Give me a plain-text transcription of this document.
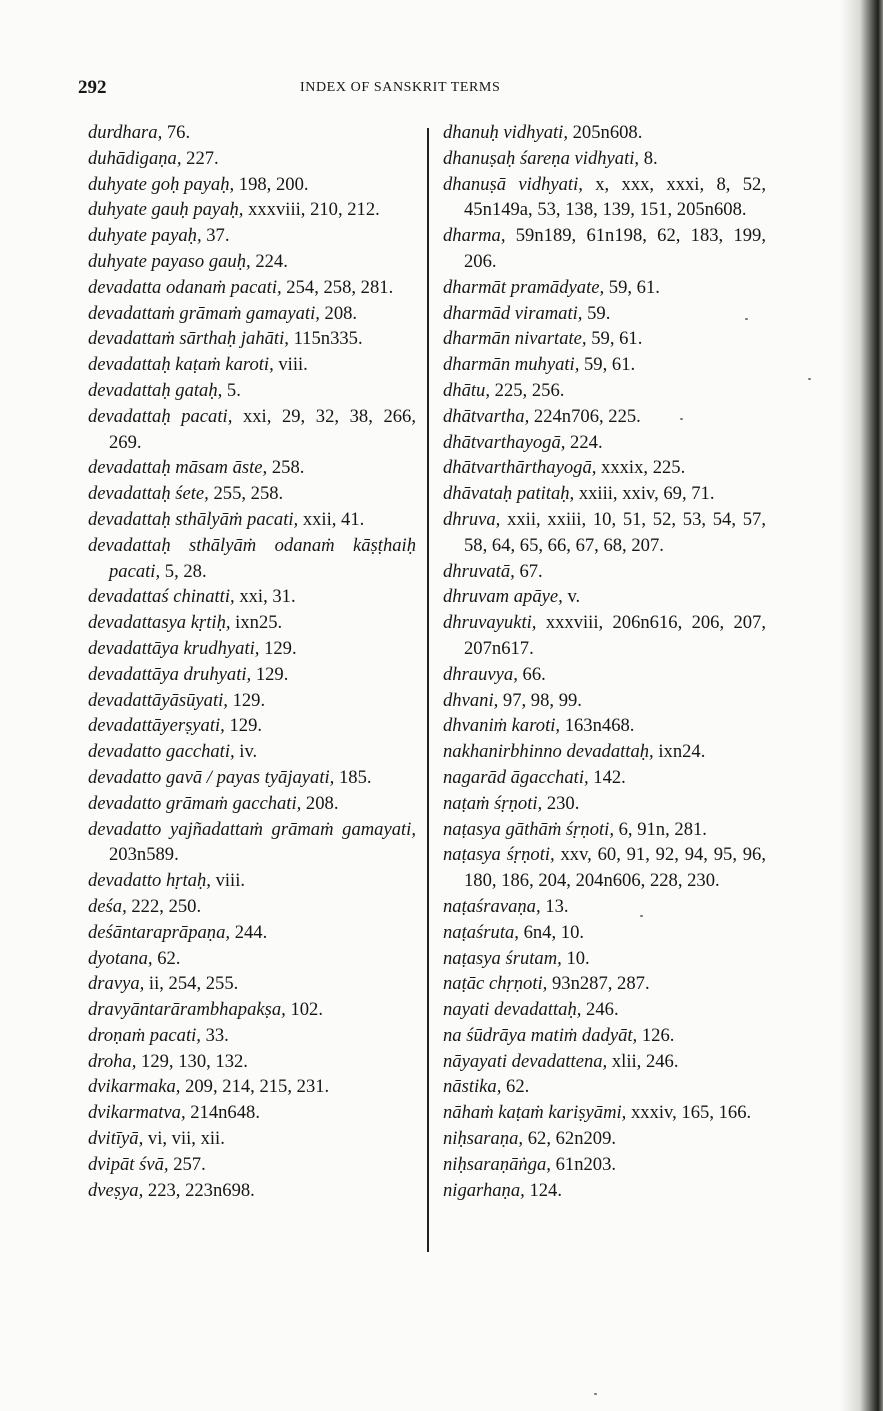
292	INDEX OF SANSKRIT TERMS
durdhara, 76.
duhādigaṇa, 227.
duhyate goḥ payaḥ, 198, 200.
duhyate gauḥ payaḥ, xxxviii, 210, 212.
duhyate payaḥ, 37.
duhyate payaso gauḥ, 224.
devadatta odanaṁ pacati, 254, 258, 281.
devadattaṁ grāmaṁ gamayati, 208.
devadattaṁ sārthaḥ jahāti, 115n335.
devadattaḥ kaṭaṁ karoti, viii.
devadattaḥ gataḥ, 5.
devadattaḥ pacati, xxi, 29, 32, 38, 266, 269.
devadattaḥ māsam āste, 258.
devadattaḥ śete, 255, 258.
devadattaḥ sthālyāṁ pacati, xxii, 41.
devadattaḥ sthālyāṁ odanaṁ kāṣṭhaiḥ pacati, 5, 28.
devadattaś chinatti, xxi, 31.
devadattasya kṛtiḥ, ixn25.
devadattāya krudhyati, 129.
devadattāya druhyati, 129.
devadattāyāsūyati, 129.
devadattāyerṣyati, 129.
devadatto gacchati, iv.
devadatto gavā / payas tyājayati, 185.
devadatto grāmaṁ gacchati, 208.
devadatto yajñadattaṁ grāmaṁ gamayati, 203n589.
devadatto hṛtaḥ, viii.
deśa, 222, 250.
deśāntaraprāpaṇa, 244.
dyotana, 62.
dravya, ii, 254, 255.
dravyāntarārambhapakṣa, 102.
droṇaṁ pacati, 33.
droha, 129, 130, 132.
dvikarmaka, 209, 214, 215, 231.
dvikarmatva, 214n648.
dvitīyā, vi, vii, xii.
dvipāt śvā, 257.
dveṣya, 223, 223n698.
dhanuḥ vidhyati, 205n608.
dhanuṣaḥ śareṇa vidhyati, 8.
dhanuṣā vidhyati, x, xxx, xxxi, 8, 52, 45n149a, 53, 138, 139, 151, 205n608.
dharma, 59n189, 61n198, 62, 183, 199, 206.
dharmāt pramādyate, 59, 61.
dharmād viramati, 59.
dharmān nivartate, 59, 61.
dharmān muhyati, 59, 61.
dhātu, 225, 256.
dhātvartha, 224n706, 225.
dhātvarthayogā, 224.
dhātvarthārthayogā, xxxix, 225.
dhāvataḥ patitaḥ, xxiii, xxiv, 69, 71.
dhruva, xxii, xxiii, 10, 51, 52, 53, 54, 57, 58, 64, 65, 66, 67, 68, 207.
dhruvatā, 67.
dhruvam apāye, v.
dhruvayukti, xxxviii, 206n616, 206, 207, 207n617.
dhrauvya, 66.
dhvani, 97, 98, 99.
dhvaniṁ karoti, 163n468.
nakhanirbhinno devadattaḥ, ixn24.
nagarād āgacchati, 142.
naṭaṁ śṛṇoti, 230.
naṭasya gāthāṁ śṛṇoti, 6, 91n, 281.
naṭasya śṛṇoti, xxv, 60, 91, 92, 94, 95, 96, 180, 186, 204, 204n606, 228, 230.
naṭaśravaṇa, 13.
naṭaśruta, 6n4, 10.
naṭasya śrutam, 10.
naṭāc chṛṇoti, 93n287, 287.
nayati devadattaḥ, 246.
na śūdrāya matiṁ dadyāt, 126.
nāyayati devadattena, xlii, 246.
nāstika, 62.
nāhaṁ kaṭaṁ kariṣyāmi, xxxiv, 165, 166.
niḥsaraṇa, 62, 62n209.
niḥsaraṇāṅga, 61n203.
nigarhaṇa, 124.
